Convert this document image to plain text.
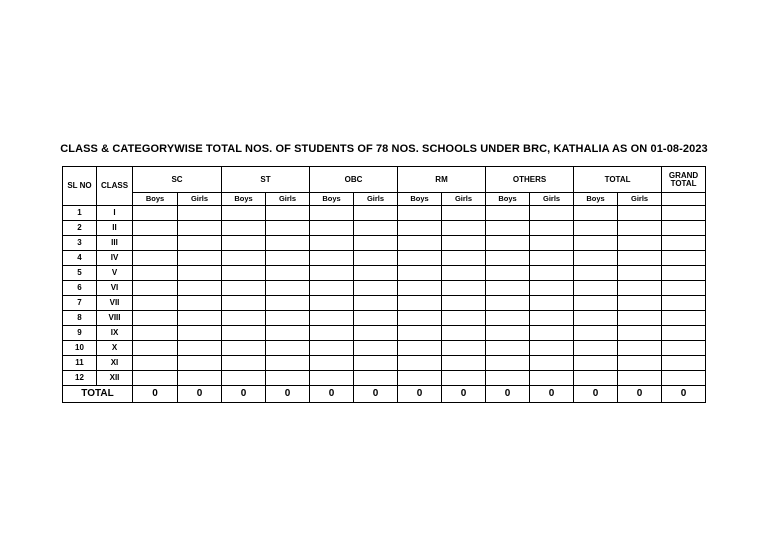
CLASS & CATEGORYWISE TOTAL NOS. OF STUDENTS OF 78 NOS. SCHOOLS UNDER BRC, KATHALIA AS ON 01-08-2023
SL NO	CLASS	SC		ST		OBC		RM		OTHERS		TOTAL		GRAND
TOTAL
		Boys	Girls	Boys	Girls	Boys	Girls	Boys	Girls	Boys	Girls	Boys	Girls	
1	I													
2	II													
3	III													
4	IV													
5	V													
6	VI													
7	VII													
8	VIII													
9	IX													
10	X													
11	XI													
12	XII													
TOTAL		0	0	0	0	0	0	0	0	0	0	0	0	0
